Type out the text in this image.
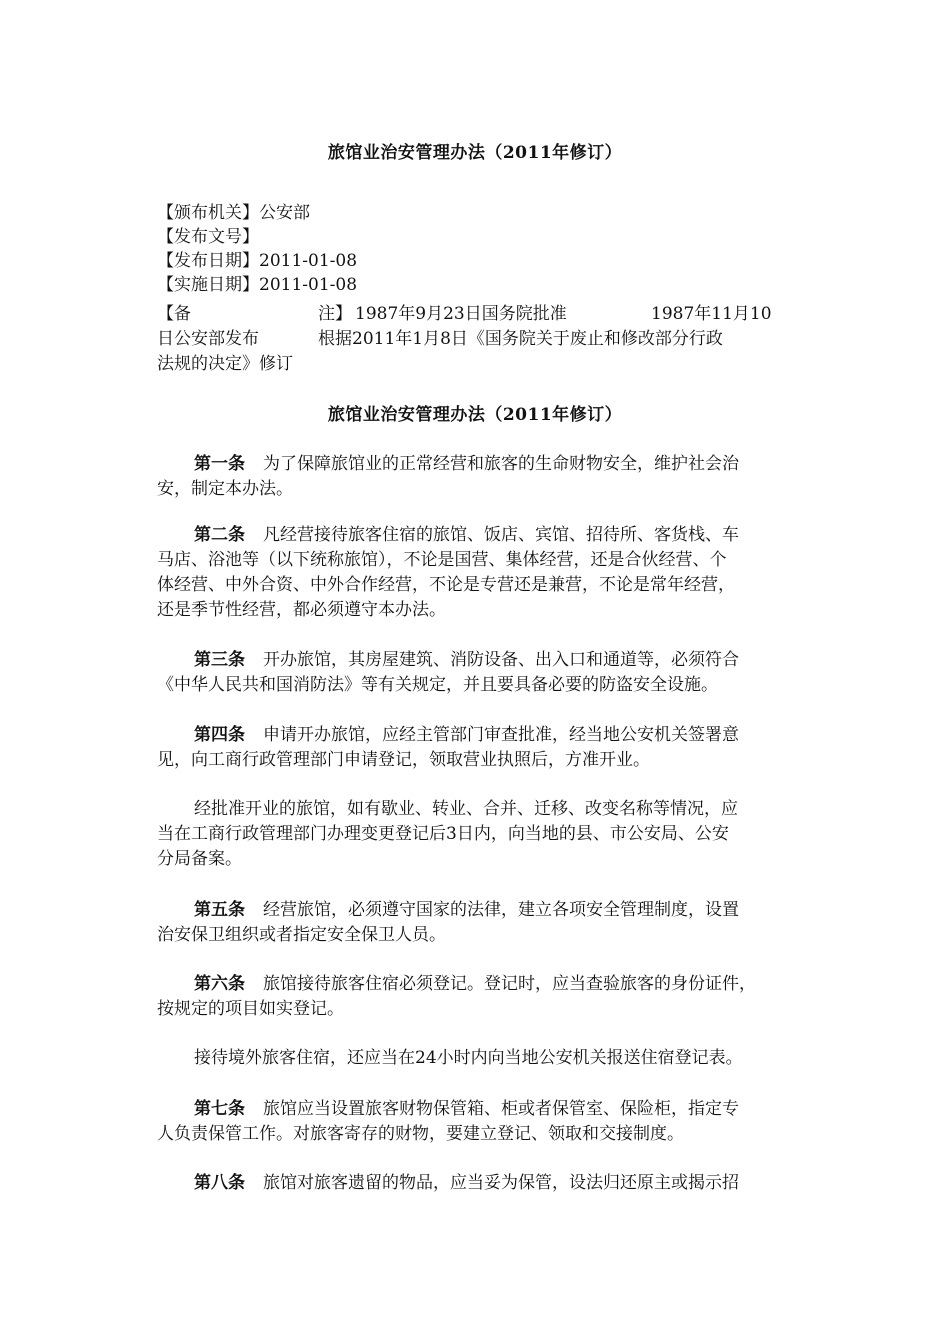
旅馆业治安管理办法（2011年修订）
【颁布机关】公安部
【发布文号】
【发布日期】2011-01-08
【实施日期】2011-01-08
【备	注】 1987年9月23日国务院批准	1987年11月10
日公安部发布	根据2011年1月8日《国务院关于废止和修改部分行政
法规的决定》修订
旅馆业治安管理办法（2011年修订）
第一条 为了保障旅馆业的正常经营和旅客的生命财物安全，维护社会治
安，制定本办法。
第二条 凡经营接待旅客住宿的旅馆、饭店、宾馆、招待所、客货栈、车
马店、浴池等（以下统称旅馆），不论是国营、集体经营，还是合伙经营、个
体经营、中外合资、中外合作经营，不论是专营还是兼营，不论是常年经营，
还是季节性经营，都必须遵守本办法。
第三条 开办旅馆，其房屋建筑、消防设备、出入口和通道等，必须符合
《中华人民共和国消防法》等有关规定，并且要具备必要的防盗安全设施。
第四条 申请开办旅馆，应经主管部门审查批准，经当地公安机关签署意
见，向工商行政管理部门申请登记，领取营业执照后，方准开业。
经批准开业的旅馆，如有歇业、转业、合并、迁移、改变名称等情况，应
当在工商行政管理部门办理变更登记后3日内，向当地的县、市公安局、公安
分局备案。
第五条 经营旅馆，必须遵守国家的法律，建立各项安全管理制度，设置
治安保卫组织或者指定安全保卫人员。
第六条 旅馆接待旅客住宿必须登记。登记时，应当查验旅客的身份证件，
按规定的项目如实登记。
接待境外旅客住宿，还应当在24小时内向当地公安机关报送住宿登记表。
第七条 旅馆应当设置旅客财物保管箱、柜或者保管室、保险柜，指定专
人负责保管工作。对旅客寄存的财物，要建立登记、领取和交接制度。
第八条 旅馆对旅客遗留的物品，应当妥为保管，设法归还原主或揭示招
